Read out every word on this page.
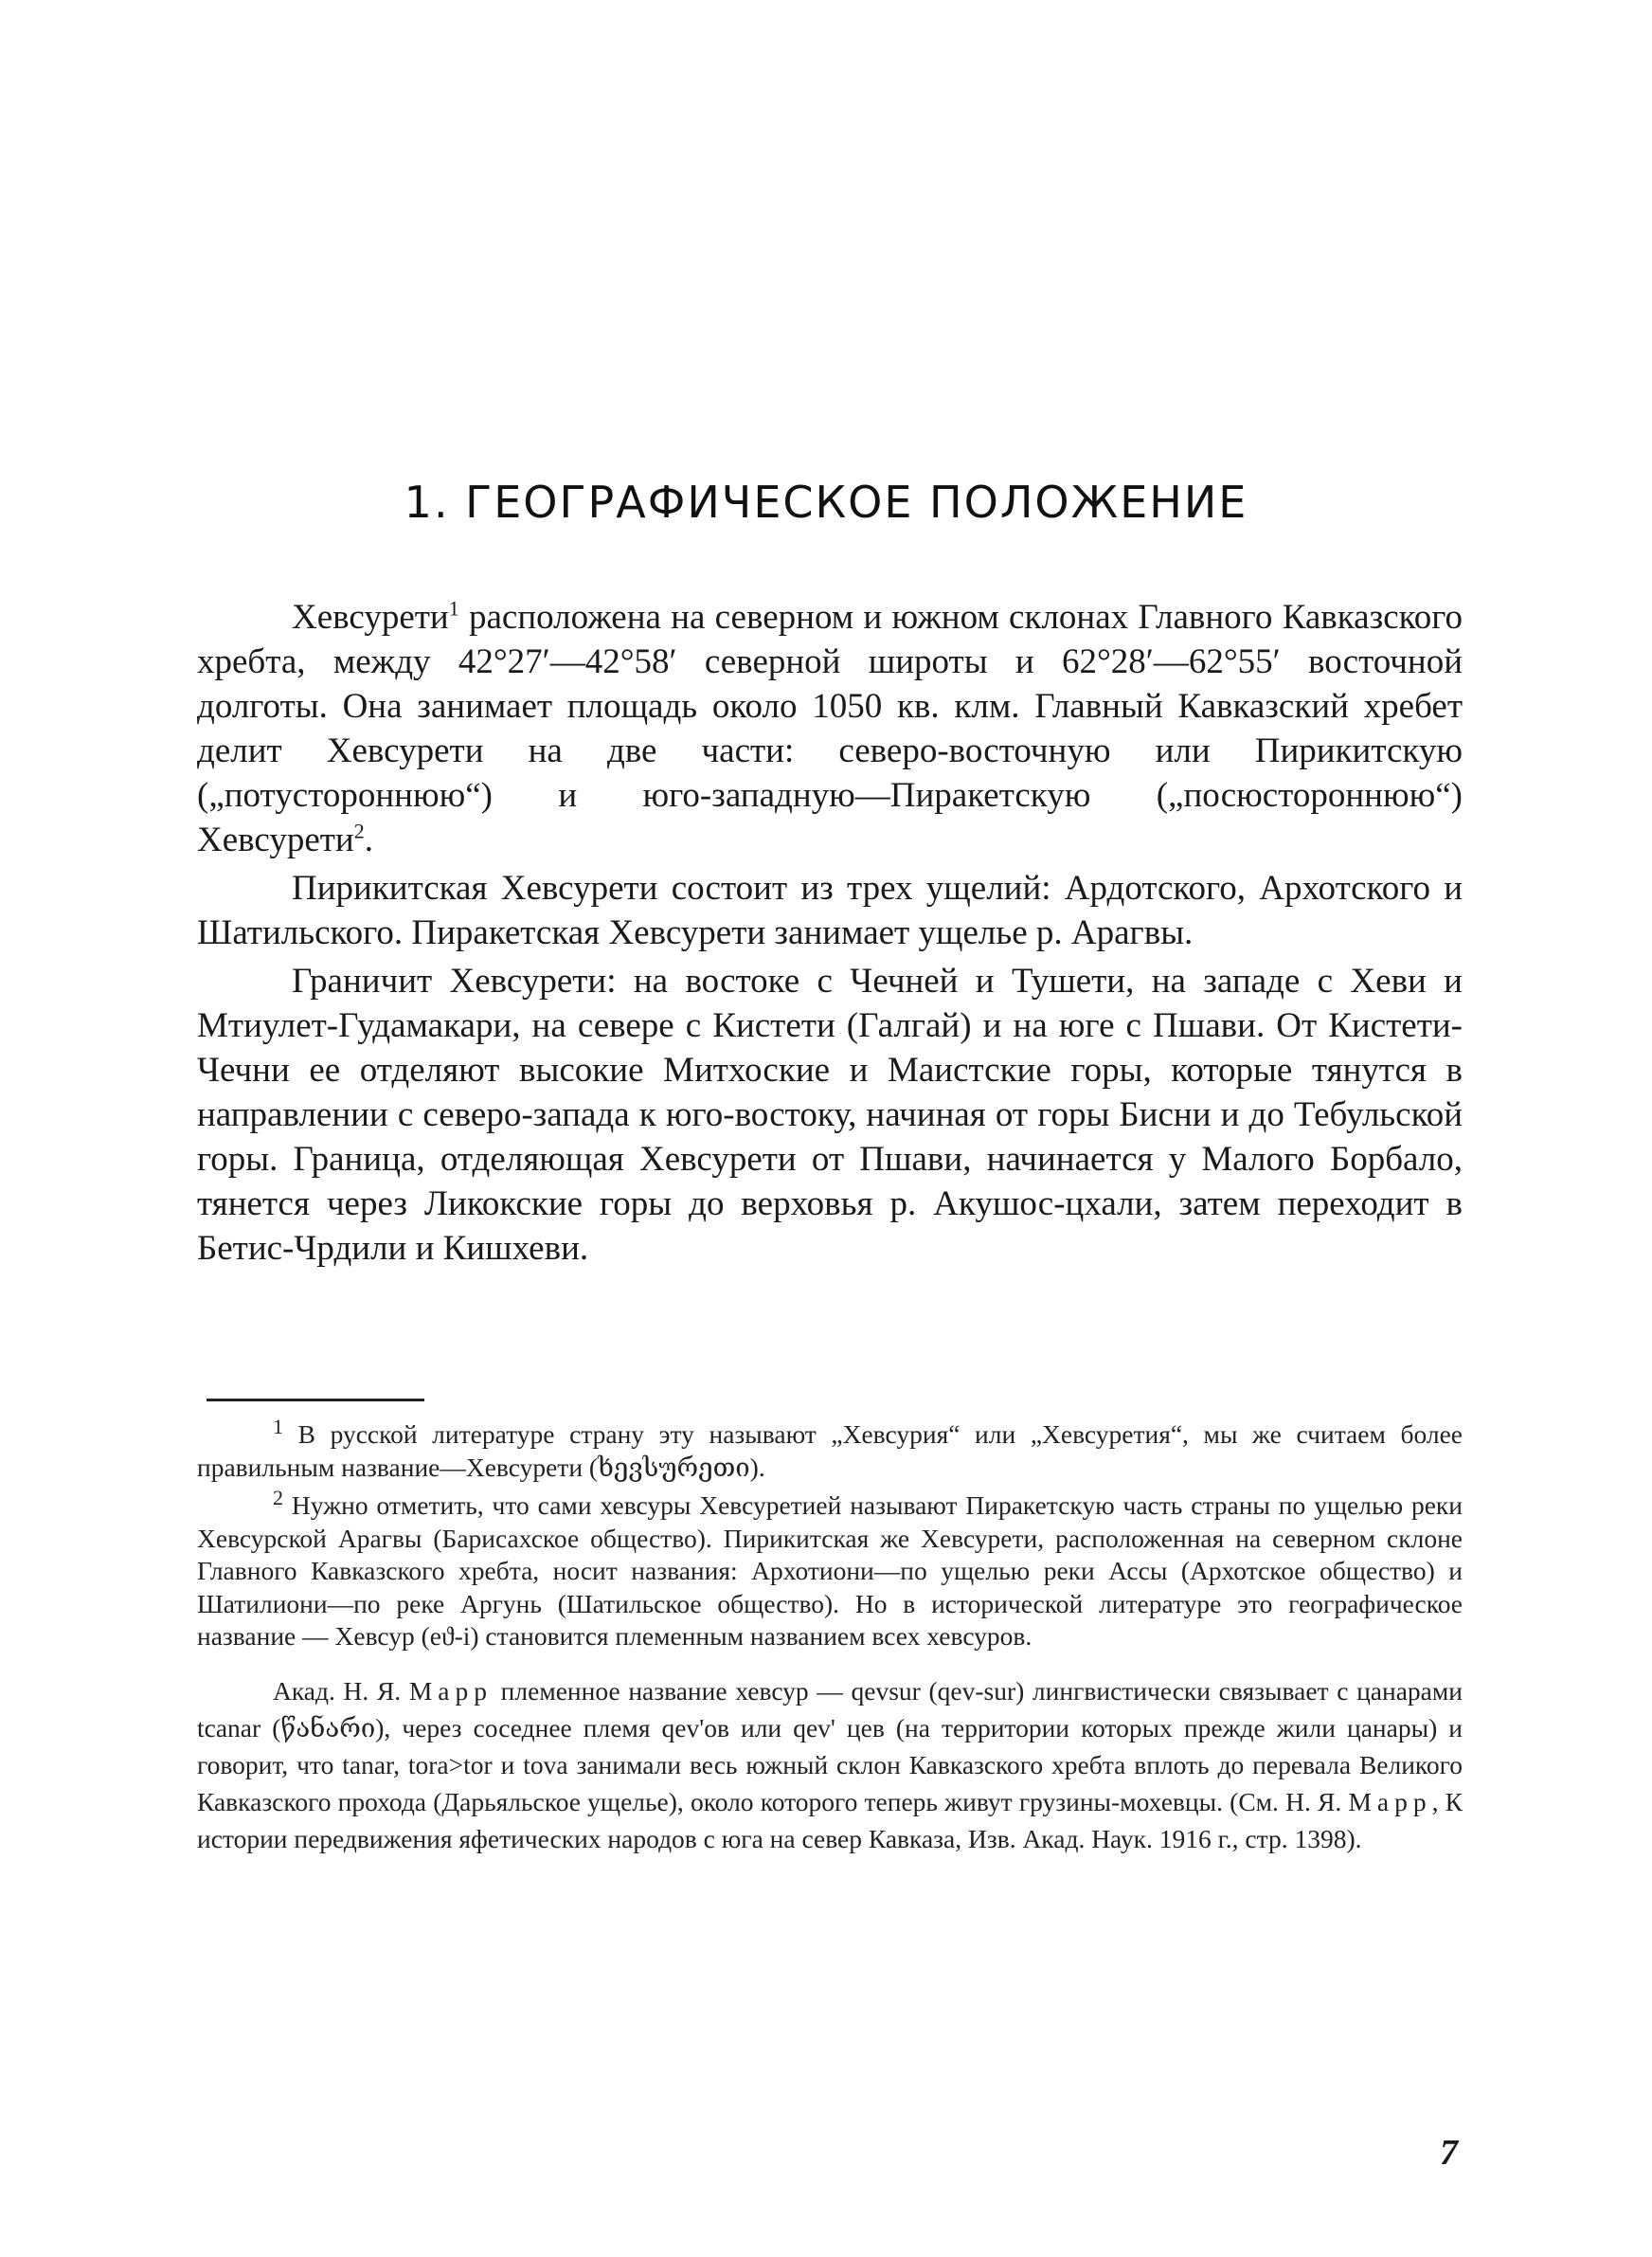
1. ГЕОГРАФИЧЕСКОЕ ПОЛОЖЕНИЕ

Хевсурети$^1$ расположена на северном и южном склонах Главного Кавказского хребта, между 42°27′—42°58′ северной широты и 62°28′—62°55′ восточной долготы. Она занимает площадь около 1050 кв. клм. Главный Кавказский хребет делит Хевсурети на две части: северо-восточную или Пирикитскую („потустороннюю“) и юго-западную—Пиракетскую („посюстороннюю“) Хевсурети$^2$.

Пирикитская Хевсурети состоит из трех ущелий: Ардотского, Архотского и Шатильского. Пиракетская Хевсурети занимает ущелье р. Арагвы.

Граничит Хевсурети: на востоке с Чечней и Тушети, на западе с Хеви и Мтиулет-Гудамакари, на севере с Кистети (Галгай) и на юге с Пшави. От Кистети-Чечни ее отделяют высокие Митхоские и Маистские горы, которые тянутся в направлении с северо-запада к юго-востоку, начиная от горы Бисни и до Тебульской горы. Граница, отделяющая Хевсурети от Пшави, начинается у Малого Борбало, тянется через Ликокские горы до верховья р. Акушос-цхали, затем переходит в Бетис-Чрдили и Кишхеви.

$^1$ В русской литературе страну эту называют „Хевсурия“ или „Хевсуретия“, мы же считаем более правильным название—Хевсурети (ხევსურეთი).

$^2$ Нужно отметить, что сами хевсуры Хевсуретией называют Пиракетскую часть страны по ущелью реки Хевсурской Арагвы (Барисахское общество). Пирикитская же Хевсурети, расположенная на северном склоне Главного Кавказского хребта, носит названия: Архотиони—по ущелью реки Ассы (Архотское общество) и Шатилиони—по реке Аргунь (Шатильское общество). Но в исторической литературе это географическое название — Хевсур (eϑ-i) становится племенным названием всех хевсуров.

Акад. Н. Я. Марр племенное название хевсур — qevsur (qev-sur) лингвистически связывает с цанарами tcanar (წანარი), через соседнее племя qev'ов или qev' цев (на территории которых прежде жили цанары) и говорит, что tanar, tora>tor и tova занимали весь южный склон Кавказского хребта вплоть до перевала Великого Кавказского прохода (Дарьяльское ущелье), около которого теперь живут грузины-мохевцы. (См. Н. Я. Марр, К истории передвижения яфетических народов с юга на север Кавказа, Изв. Акад. Наук. 1916 г., стр. 1398).

7
